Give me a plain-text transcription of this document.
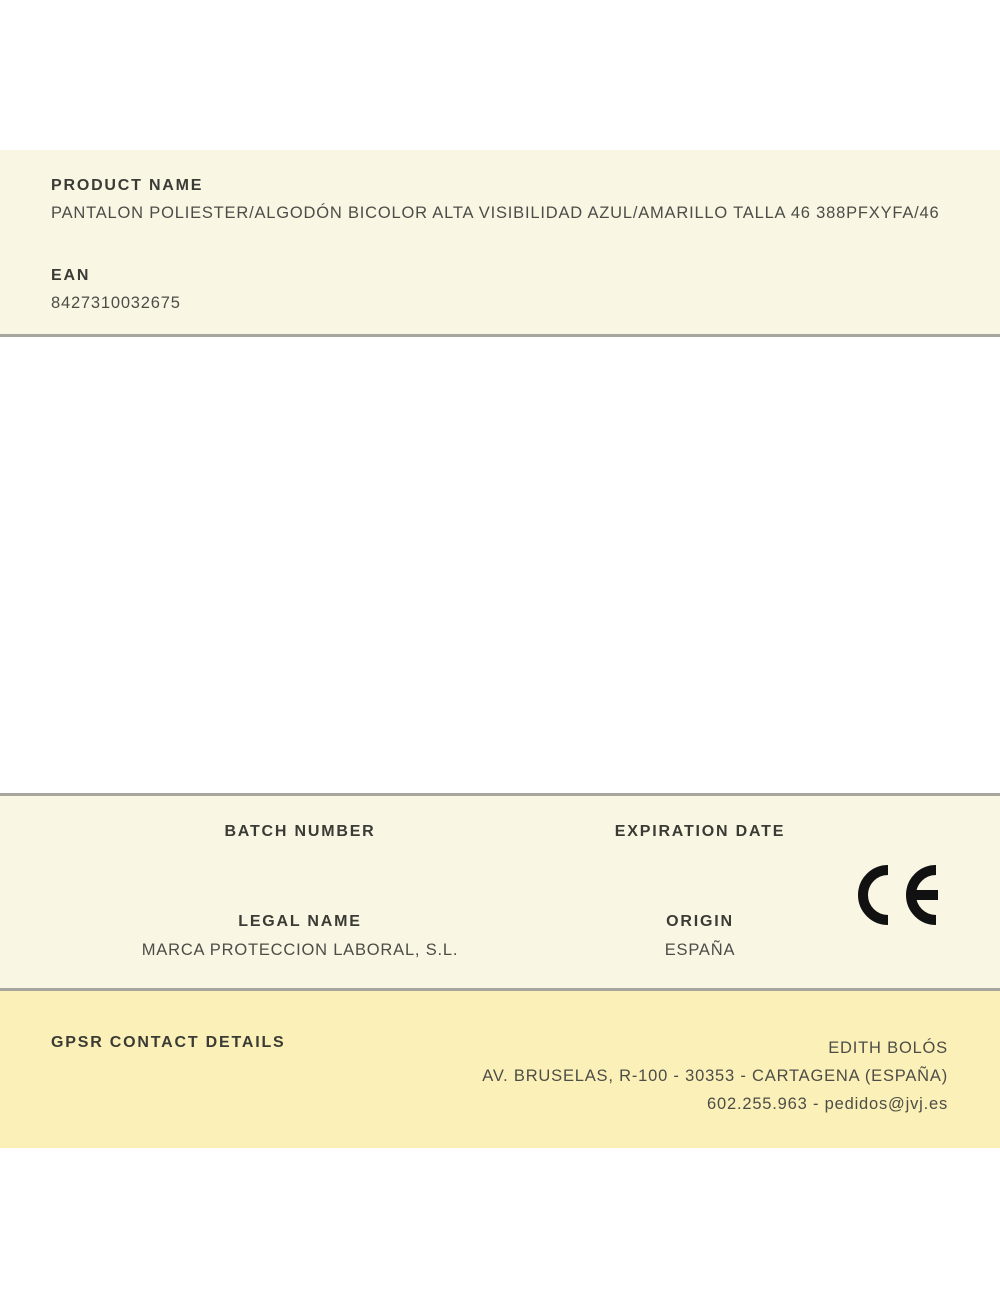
PRODUCT NAME
PANTALON POLIESTER/ALGODÓN BICOLOR ALTA VISIBILIDAD AZUL/AMARILLO TALLA 46 388PFXYFA/46
EAN
8427310032675
BATCH NUMBER	EXPIRATION DATE
LEGAL NAME
MARCA PROTECCION LABORAL, S.L.
ORIGIN
ESPAÑA
GPSR CONTACT DETAILS	EDITH BOLÓS
AV. BRUSELAS, R-100 - 30353 - CARTAGENA (ESPAÑA)
602.255.963 - pedidos@jvj.es
